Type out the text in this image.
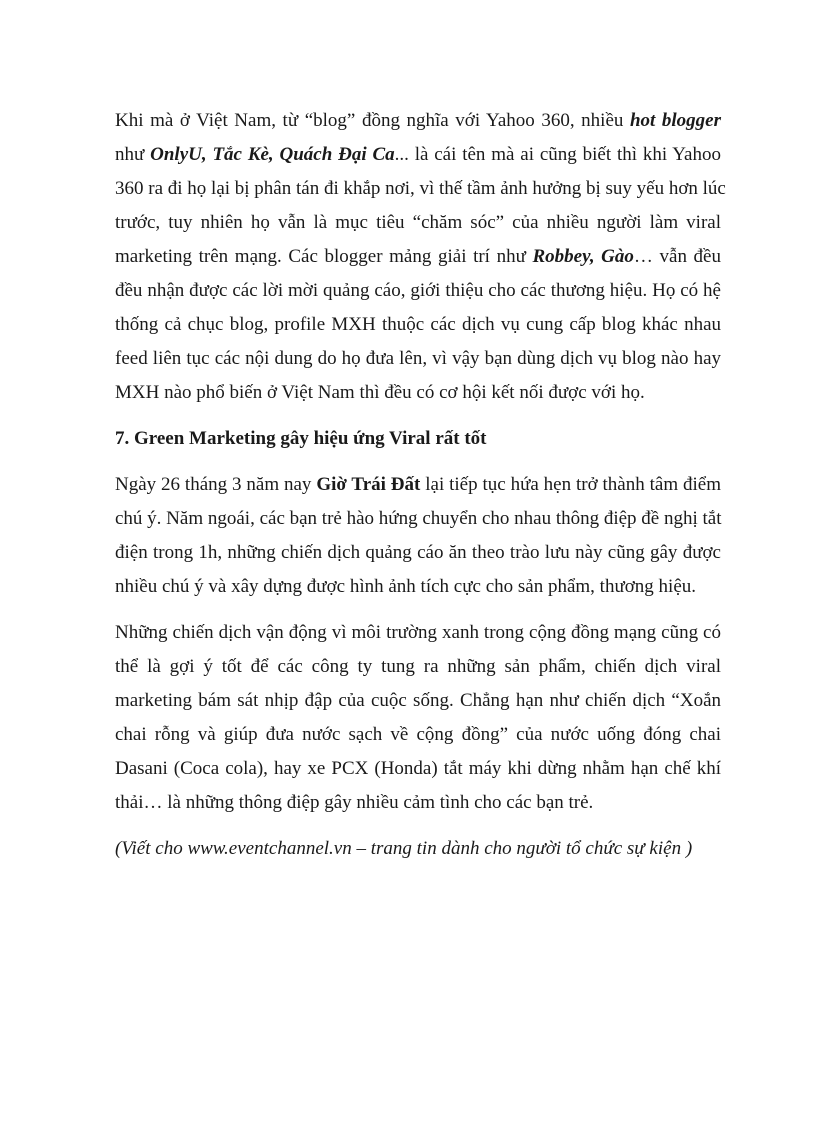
Khi mà ở Việt Nam, từ “blog” đồng nghĩa với Yahoo 360, nhiều hot blogger
như OnlyU, Tắc Kè, Quách Đại Ca... là cái tên mà ai cũng biết thì khi Yahoo
360 ra đi họ lại bị phân tán đi khắp nơi, vì thế tầm ảnh hưởng bị suy yếu hơn lúc
trước, tuy nhiên họ vẫn là mục tiêu “chăm sóc” của nhiều người làm viral
marketing trên mạng. Các blogger mảng giải trí như Robbey, Gào… vẫn đều
đều nhận được các lời mời quảng cáo, giới thiệu cho các thương hiệu. Họ có hệ
thống cả chục blog, profile MXH thuộc các dịch vụ cung cấp blog khác nhau
feed liên tục các nội dung do họ đưa lên, vì vậy bạn dùng dịch vụ blog nào hay
MXH nào phổ biến ở Việt Nam thì đều có cơ hội kết nối được với họ.
7. Green Marketing gây hiệu ứng Viral rất tốt
Ngày 26 tháng 3 năm nay Giờ Trái Đất lại tiếp tục hứa hẹn trở thành tâm điểm
chú ý. Năm ngoái, các bạn trẻ hào hứng chuyển cho nhau thông điệp đề nghị tắt
điện trong 1h, những chiến dịch quảng cáo ăn theo trào lưu này cũng gây được
nhiều chú ý và xây dựng được hình ảnh tích cực cho sản phẩm, thương hiệu.
Những chiến dịch vận động vì môi trường xanh trong cộng đồng mạng cũng có
thể là gợi ý tốt để các công ty tung ra những sản phẩm, chiến dịch viral
marketing bám sát nhịp đập của cuộc sống. Chẳng hạn như chiến dịch “Xoắn
chai rỗng và giúp đưa nước sạch về cộng đồng” của nước uống đóng chai
Dasani (Coca cola), hay xe PCX (Honda) tắt máy khi dừng nhằm hạn chế khí
thải… là những thông điệp gây nhiều cảm tình cho các bạn trẻ.
(Viết cho www.eventchannel.vn – trang tin dành cho người tổ chức sự kiện )
